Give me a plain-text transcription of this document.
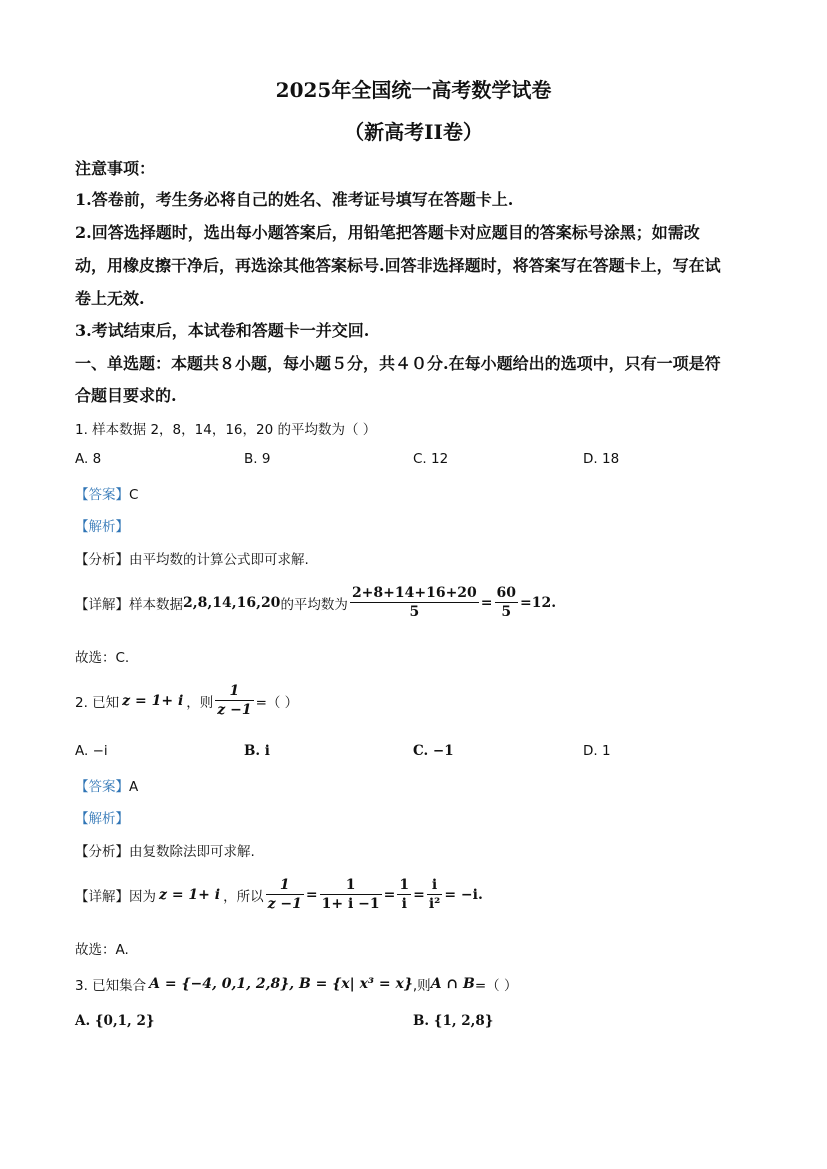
2025年全国统一高考数学试卷
（新高考II卷）
注意事项：
1.答卷前，考生务必将自己的姓名、准考证号填写在答题卡上.
2.回答选择题时，选出每小题答案后，用铅笔把答题卡对应题目的答案标号涂黑；如需改
动，用橡皮擦干净后，再选涂其他答案标号.回答非选择题时，将答案写在答题卡上，写在试
卷上无效.
3.考试结束后，本试卷和答题卡一并交回.
一、单选题：本题共８小题，每小题５分，共４０分.在每小题给出的选项中，只有一项是符
合题目要求的.
1. 样本数据 2，8，14，16，20 的平均数为（ ）
A. 8	B. 9	C. 12	D. 18
【答案】C
【解析】
【分析】由平均数的计算公式即可求解.
【详解】 样本数据 2,8,14,16,20 的平均数为 $\frac{2+8+14+16+20}{5} = \frac{60}{5} =12$.
故选：C.
2. 已知 z = 1+ i ，则 $\frac{1}{z -1}$ =（ ）
A. −i	B. i	C. −1	D. 1
【答案】A
【解析】
【分析】由复数除法即可求解.
【详解】 因为 z = 1+ i ，所以 $\frac{1}{z -1} = \frac{1}{1+ i -1} = \frac{1}{i} = \frac{i}{\text{i²}} = -i$.
故选：A.
3. 已知集合 A = {−4, 0,1, 2,8} , B = {x| x³ = x} ,则 A ∩ B =（ ）
A. {0,1, 2}	B. {1, 2,8}
